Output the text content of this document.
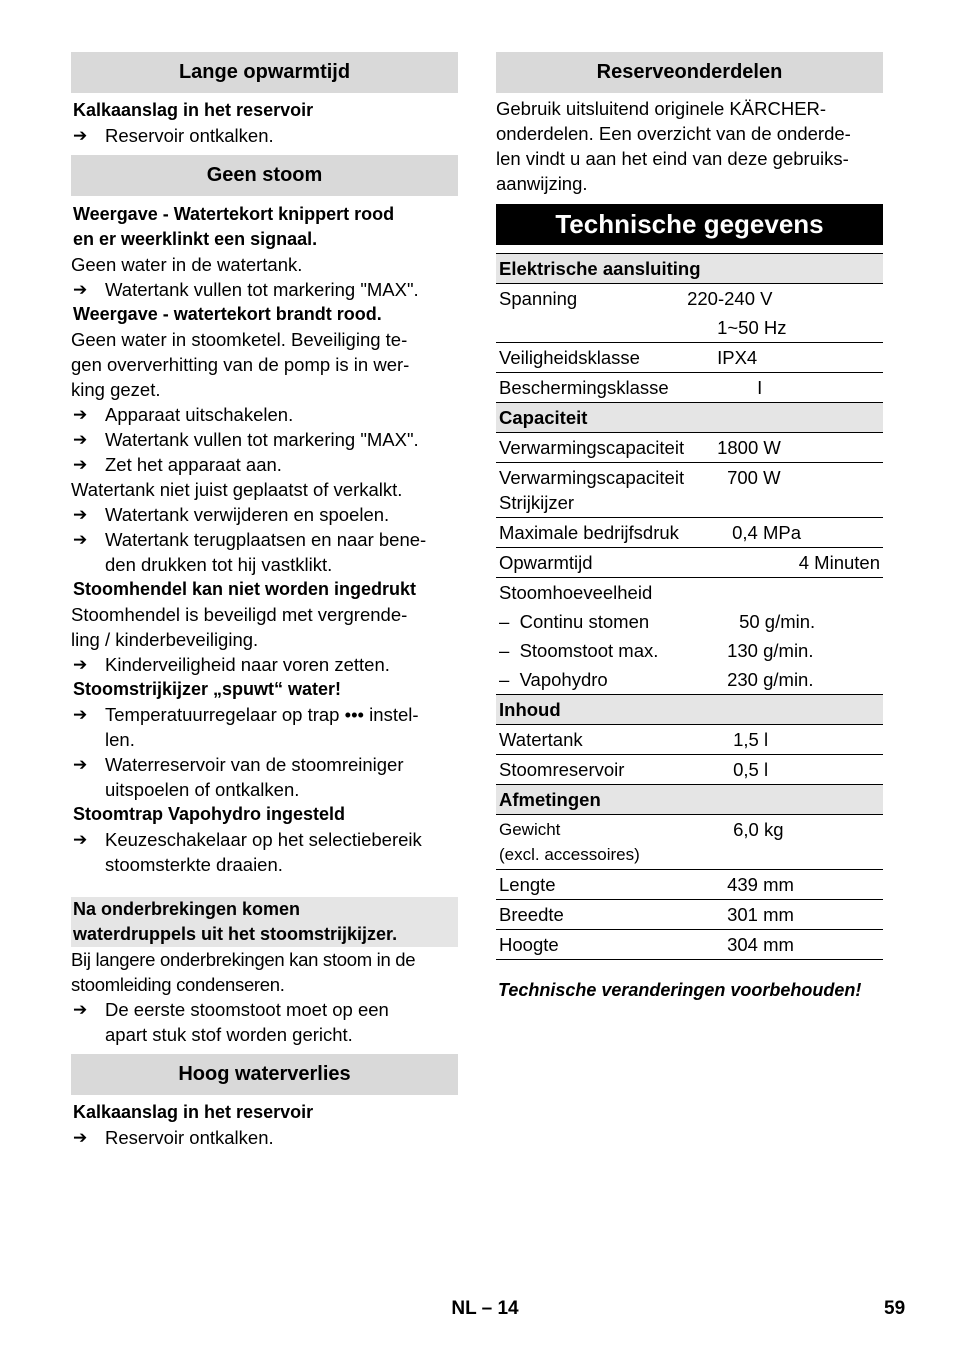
Lange opwarmtijd
Kalkaanslag in het reservoir
➔ Reservoir ontkalken.
Geen stoom
Weergave - Watertekort knippert rood
en er weerklinkt een signaal.
Geen water in de watertank.
➔ Watertank vullen tot markering "MAX".
Weergave - watertekort brandt rood.
Geen water in stoomketel. Beveiliging te-
gen oververhitting van de pomp is in wer-
king gezet.
➔ Apparaat uitschakelen.
➔ Watertank vullen tot markering "MAX".
➔ Zet het apparaat aan.
Watertank niet juist geplaatst of verkalkt.
➔ Watertank verwijderen en spoelen.
➔ Watertank terugplaatsen en naar bene-
den drukken tot hij vastklikt.
Stoomhendel kan niet worden ingedrukt
Stoomhendel is beveiligd met vergrende-
ling / kinderbeveiliging.
➔ Kinderveiligheid naar voren zetten.
Stoomstrijkijzer „spuwt“ water!
➔ Temperatuurregelaar op trap ••• instel-
len.
➔ Waterreservoir van de stoomreiniger
uitspoelen of ontkalken.
Stoomtrap Vapohydro ingesteld
➔ Keuzeschakelaar op het selectiebereik
stoomsterkte draaien.
Na onderbrekingen komen
waterdruppels uit het stoomstrijkijzer.
Bij langere onderbrekingen kan stoom in de
stoomleiding condenseren.
➔ De eerste stoomstoot moet op een
apart stuk stof worden gericht.
Hoog waterverlies
Kalkaanslag in het reservoir
➔ Reservoir ontkalken.
Reserveonderdelen
Gebruik uitsluitend originele KÄRCHER-
onderdelen. Een overzicht van de onderde-
len vindt u aan het eind van deze gebruiks-
aanwijzing.
Technische gegevens
Elektrische aansluiting	
Spanning	220-240 V
	1~50 Hz
Veiligheidsklasse	IPX4
Beschermingsklasse	I
Capaciteit	
Verwarmingscapaciteit	1800 W
Verwarmingscapaciteit
Strijkijzer	700 W
Maximale bedrijfsdruk	0,4 MPa
Opwarmtijd	4 Minuten
Stoomhoeveelheid	
– Continu stomen	50 g/min.
– Stoomstoot max.	130 g/min.
– Vapohydro	230 g/min.
Inhoud	
Watertank	1,5 l
Stoomreservoir	0,5 l
Afmetingen	
Gewicht
(excl. accessoires)	6,0 kg
Lengte	439 mm
Breedte	301 mm
Hoogte	304 mm
Technische veranderingen voorbehouden!
NL – 14	59
